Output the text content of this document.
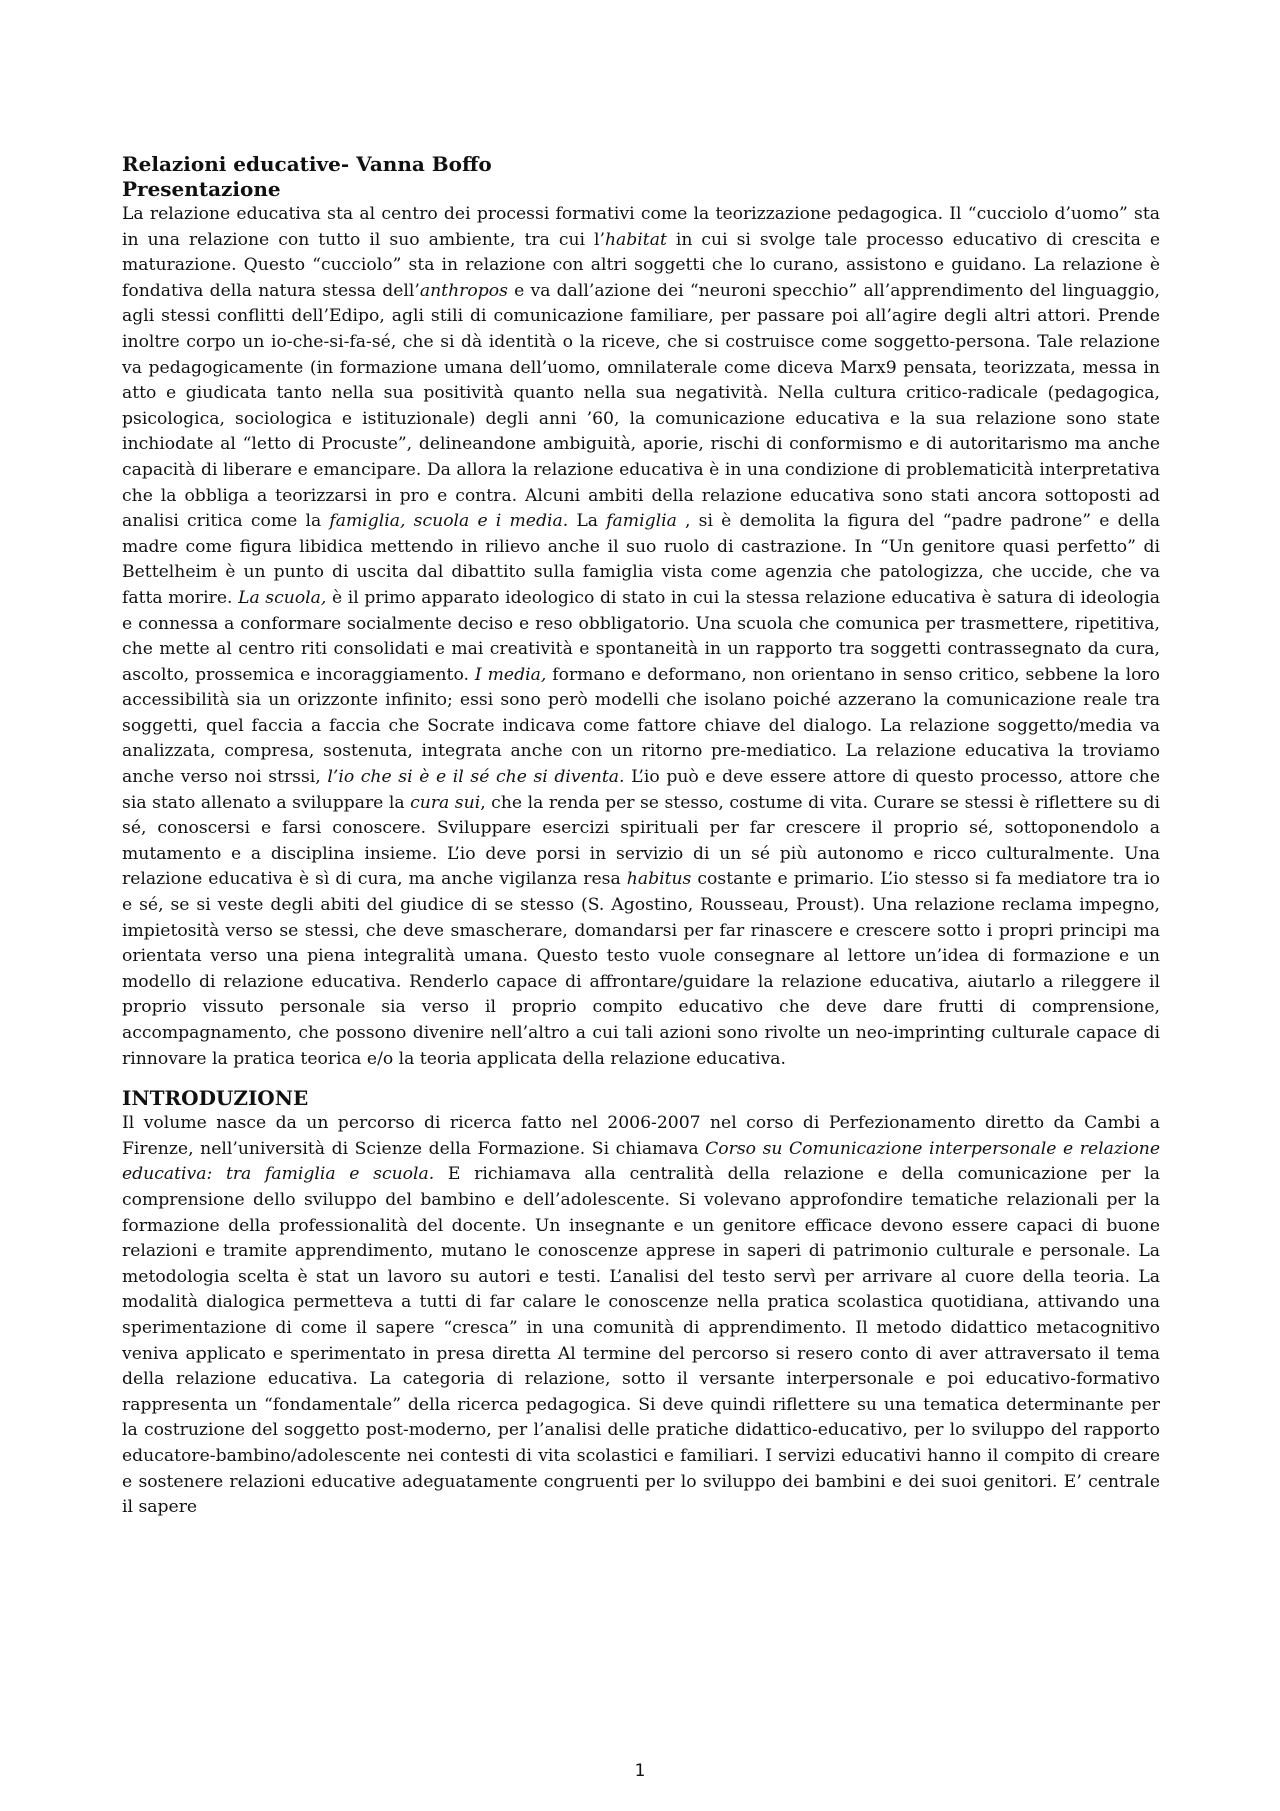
Relazioni educative- Vanna Boffo
Presentazione

La relazione educativa sta al centro dei processi formativi come la teorizzazione pedagogica. Il “cucciolo d’uomo” sta in una relazione con tutto il suo ambiente, tra cui l’habitat in cui si svolge tale processo educativo di crescita e maturazione. Questo “cucciolo” sta in relazione con altri soggetti che lo curano, assistono e guidano. La relazione è fondativa della natura stessa dell’anthropos e va dall’azione dei “neuroni specchio” all’apprendimento del linguaggio, agli stessi conflitti dell’Edipo, agli stili di comunicazione familiare, per passare poi all’agire degli altri attori. Prende inoltre corpo un io-che-si-fa-sé, che si dà identità o la riceve, che si costruisce come soggetto-persona. Tale relazione va pedagogicamente (in formazione umana dell’uomo, omnilaterale come diceva Marx9 pensata, teorizzata, messa in atto e giudicata tanto nella sua positività quanto nella sua negatività. Nella cultura critico-radicale (pedagogica, psicologica, sociologica e istituzionale) degli anni ’60, la comunicazione educativa e la sua relazione sono state inchiodate al “letto di Procuste”, delineandone ambiguità, aporie, rischi di conformismo e di autoritarismo ma anche capacità di liberare e emancipare. Da allora la relazione educativa è in una condizione di problematicità interpretativa che la obbliga a teorizzarsi in pro e contra. Alcuni ambiti della relazione educativa sono stati ancora sottoposti ad analisi critica come la famiglia, scuola e i media. La famiglia , si è demolita la figura del “padre padrone” e della madre come figura libidica mettendo in rilievo anche il suo ruolo di castrazione. In “Un genitore quasi perfetto” di Bettelheim è un punto di uscita dal dibattito sulla famiglia vista come agenzia che patologizza, che uccide, che va fatta morire. La scuola, è il primo apparato ideologico di stato in cui la stessa relazione educativa è satura di ideologia e connessa a conformare socialmente deciso e reso obbligatorio. Una scuola che comunica per trasmettere, ripetitiva, che mette al centro riti consolidati e mai creatività e spontaneità in un rapporto tra soggetti contrassegnato da cura, ascolto, prossemica e incoraggiamento. I media, formano e deformano, non orientano in senso critico, sebbene la loro accessibilità sia un orizzonte infinito; essi sono però modelli che isolano poiché azzerano la comunicazione reale tra soggetti, quel faccia a faccia che Socrate indicava come fattore chiave del dialogo. La relazione soggetto/media va analizzata, compresa, sostenuta, integrata anche con un ritorno pre-mediatico. La relazione educativa la troviamo anche verso noi strssi, l’io che si è e il sé che si diventa. L’io può e deve essere attore di questo processo, attore che sia stato allenato a sviluppare la cura sui, che la renda per se stesso, costume di vita. Curare se stessi è riflettere su di sé, conoscersi e farsi conoscere. Sviluppare esercizi spirituali per far crescere il proprio sé, sottoponendolo a mutamento e a disciplina insieme. L’io deve porsi in servizio di un sé più autonomo e ricco culturalmente. Una relazione educativa è sì di cura, ma anche vigilanza resa habitus costante e primario. L’io stesso si fa mediatore tra io e sé, se si veste degli abiti del giudice di se stesso (S. Agostino, Rousseau, Proust). Una relazione reclama impegno, impietosità verso se stessi, che deve smascherare, domandarsi per far rinascere e crescere sotto i propri principi ma orientata verso una piena integralità umana. Questo testo vuole consegnare al lettore un’idea di formazione e un modello di relazione educativa. Renderlo capace di affrontare/guidare la relazione educativa, aiutarlo a rileggere il proprio vissuto personale sia verso il proprio compito educativo che deve dare frutti di comprensione, accompagnamento, che possono divenire nell’altro a cui tali azioni sono rivolte un neo-imprinting culturale capace di rinnovare la pratica teorica e/o la teoria applicata della relazione educativa.

INTRODUZIONE

Il volume nasce da un percorso di ricerca fatto nel 2006-2007 nel corso di Perfezionamento diretto da Cambi a Firenze, nell’università di Scienze della Formazione. Si chiamava Corso su Comunicazione interpersonale e relazione educativa: tra famiglia e scuola. E richiamava alla centralità della relazione e della comunicazione per la comprensione dello sviluppo del bambino e dell’adolescente. Si volevano approfondire tematiche relazionali per la formazione della professionalità del docente. Un insegnante e un genitore efficace devono essere capaci di buone relazioni e tramite apprendimento, mutano le conoscenze apprese in saperi di patrimonio culturale e personale. La metodologia scelta è stat un lavoro su autori e testi. L’analisi del testo servì per arrivare al cuore della teoria. La modalità dialogica permetteva a tutti di far calare le conoscenze nella pratica scolastica quotidiana, attivando una sperimentazione di come il sapere “cresca” in una comunità di apprendimento. Il metodo didattico metacognitivo veniva applicato e sperimentato in presa diretta Al termine del percorso si resero conto di aver attraversato il tema della relazione educativa. La categoria di relazione, sotto il versante interpersonale e poi educativo-formativo rappresenta un “fondamentale” della ricerca pedagogica. Si deve quindi riflettere su una tematica determinante per la costruzione del soggetto post-moderno, per l’analisi delle pratiche didattico-educativo, per lo sviluppo del rapporto educatore-bambino/adolescente nei contesti di vita scolastici e familiari. I servizi educativi hanno il compito di creare e sostenere relazioni educative adeguatamente congruenti per lo sviluppo dei bambini e dei suoi genitori. E’ centrale il sapere

1
